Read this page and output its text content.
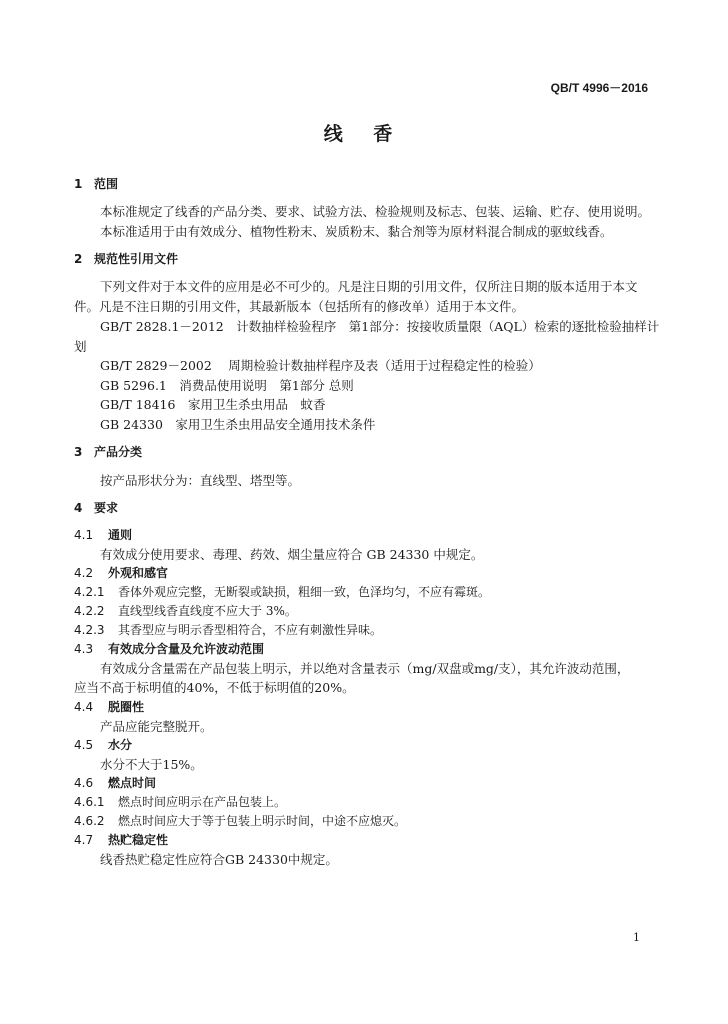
QB/T 4996－2016
线 香
1 范围
本标准规定了线香的产品分类、要求、试验方法、检验规则及标志、包装、运输、贮存、使用说明。
本标准适用于由有效成分、植物性粉末、炭质粉末、黏合剂等为原材料混合制成的驱蚊线香。
2 规范性引用文件
下列文件对于本文件的应用是必不可少的。凡是注日期的引用文件，仅所注日期的版本适用于本文
件。凡是不注日期的引用文件，其最新版本（包括所有的修改单）适用于本文件。
GB/T 2828.1－2012　计数抽样检验程序　第1部分：按接收质量限（AQL）检索的逐批检验抽样计
划
GB/T 2829－2002　 周期检验计数抽样程序及表（适用于过程稳定性的检验）
GB 5296.1　消费品使用说明　第1部分 总则
GB/T 18416　家用卫生杀虫用品　蚊香
GB 24330　家用卫生杀虫用品安全通用技术条件
3 产品分类
按产品形状分为：直线型、塔型等。
4 要求
4.1 通则
有效成分使用要求、毒理、药效、烟尘量应符合 GB 24330 中规定。
4.2 外观和感官
4.2.1 香体外观应完整，无断裂或缺损，粗细一致，色泽均匀，不应有霉斑。
4.2.2 直线型线香直线度不应大于 3%。
4.2.3 其香型应与明示香型相符合，不应有刺激性异味。
4.3 有效成分含量及允许波动范围
有效成分含量需在产品包装上明示，并以绝对含量表示（mg/双盘或mg/支），其允许波动范围，
应当不高于标明值的40%，不低于标明值的20%。
4.4 脱圈性
产品应能完整脱开。
4.5 水分
水分不大于15%。
4.6 燃点时间
4.6.1 燃点时间应明示在产品包装上。
4.6.2 燃点时间应大于等于包装上明示时间，中途不应熄灭。
4.7 热贮稳定性
线香热贮稳定性应符合GB 24330中规定。
1
